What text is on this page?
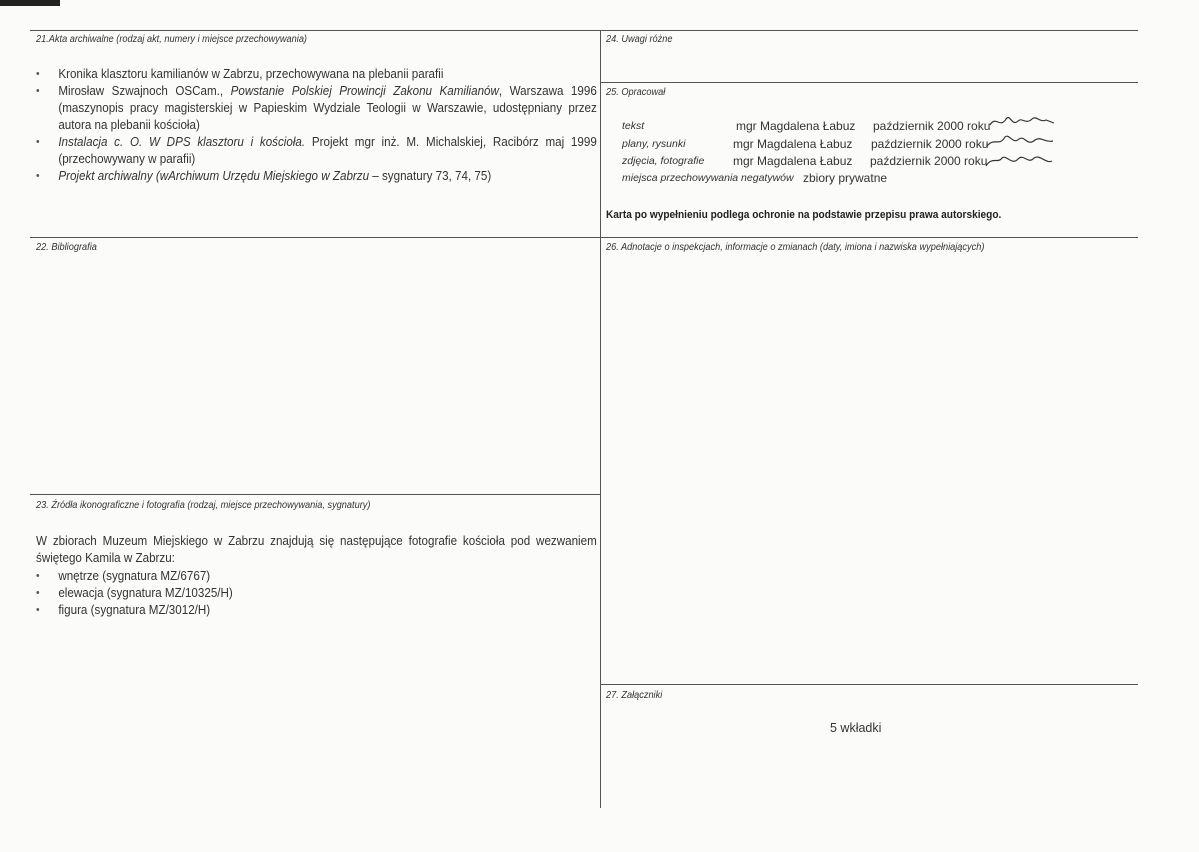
21.Akta archiwalne (rodzaj akt, numery i miejsce przechowywania)
• Kronika klasztoru kamilianów w Zabrzu, przechowywana na plebanii parafii
• Mirosław Szwajnoch OSCam., Powstanie Polskiej Prowincji Zakonu Kamilianów, Warszawa 1996 (maszynopis pracy magisterskiej w Papieskim Wydziale Teologii w Warszawie, udostępniany przez autora na plebanii kościoła)
• Instalacja c. O. W DPS klasztoru i kościoła. Projekt mgr inż. M. Michalskiej, Racibórz maj 1999 (przechowywany w parafii)
• Projekt archiwalny (wArchiwum Urzędu Miejskiego w Zabrzu – sygnatury 73, 74, 75)
22. Bibliografia
23. Źródła ikonograficzne i fotografia (rodzaj, miejsce przechowywania, sygnatury)
W zbiorach Muzeum Miejskiego w Zabrzu znajdują się następujące fotografie kościoła pod wezwaniem świętego Kamila w Zabrzu:
• wnętrze (sygnatura MZ/6767)
• elewacja (sygnatura MZ/10325/H)
• figura (sygnatura MZ/3012/H)
24. Uwagi różne
25. Opracował
tekst	mgr Magdalena Łabuz październik 2000 roku
plany, rysunki	mgr Magdalena Łabuz październik 2000 roku
zdjęcia, fotografie mgr Magdalena Łabuz październik 2000 roku
miejsca przechowywania negatywów zbiory prywatne
Karta po wypełnieniu podlega ochronie na podstawie przepisu prawa autorskiego.
26. Adnotacje o inspekcjach, informacje o zmianach (daty, imiona i nazwiska wypełniających)
27. Załączniki
5 wkładki
